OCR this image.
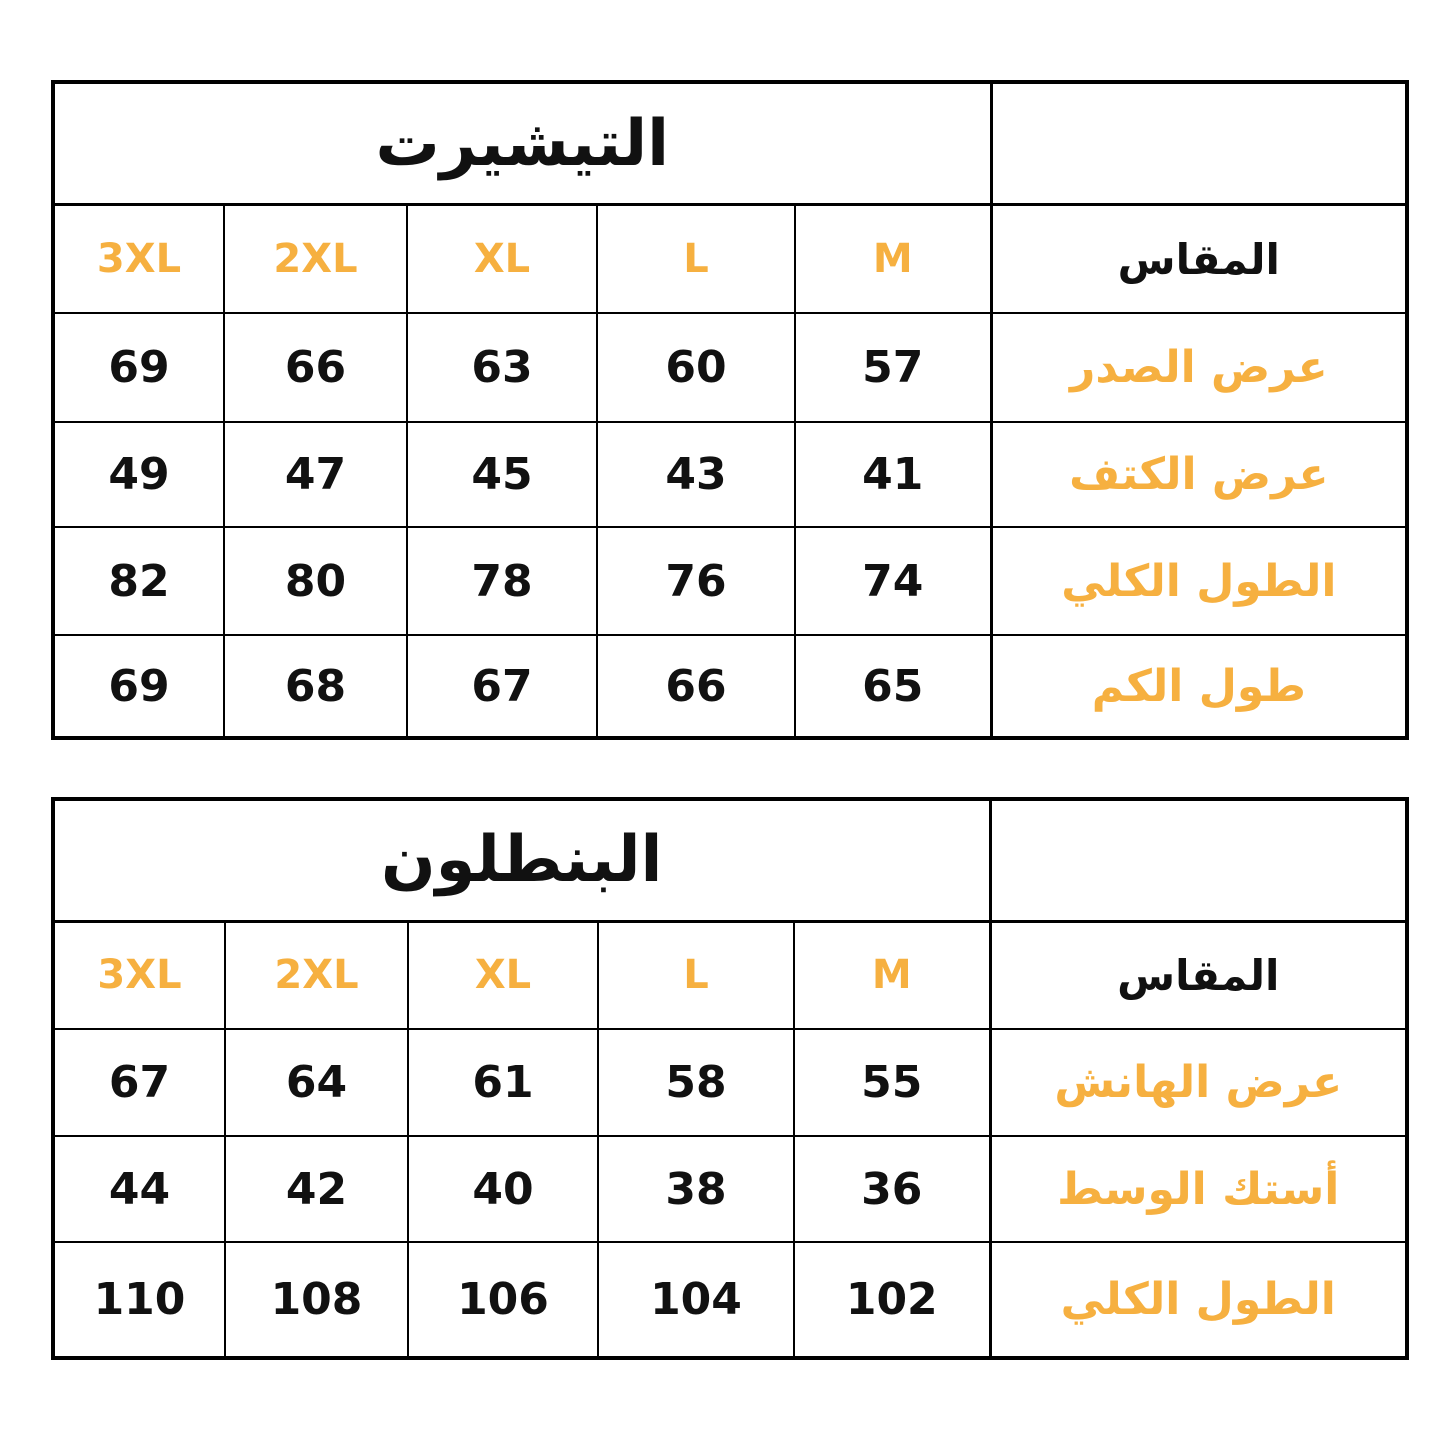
التيشيرت					
3XL	2XL	XL	L	M	المقاس
69	66	63	60	57	عرض الصدر
49	47	45	43	41	عرض الكتف
82	80	78	76	74	الطول الكلي
69	68	67	66	65	طول الكم
البنطلون					
3XL	2XL	XL	L	M	المقاس
67	64	61	58	55	عرض الهانش
44	42	40	38	36	أستك الوسط
110	108	106	104	102	الطول الكلي
